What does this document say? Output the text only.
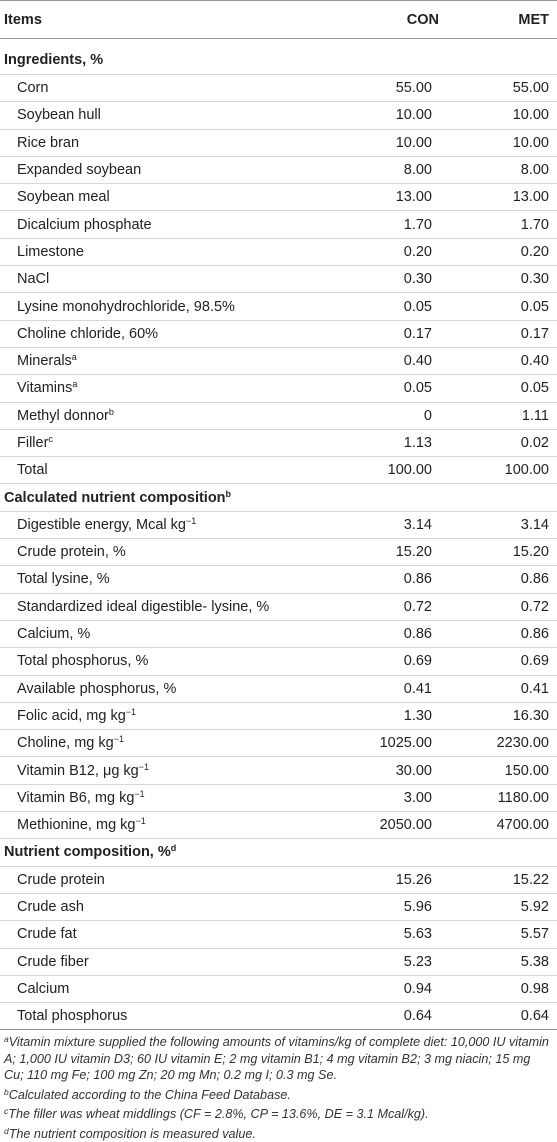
Items	CON	MET
Ingredients, %		
Corn	55.00	55.00
Soybean hull	10.00	10.00
Rice bran	10.00	10.00
Expanded soybean	8.00	8.00
Soybean meal	13.00	13.00
Dicalcium phosphate	1.70	1.70
Limestone	0.20	0.20
NaCl	0.30	0.30
Lysine monohydrochloride, 98.5%	0.05	0.05
Choline chloride, 60%	0.17	0.17
Minerals$^a$	0.40	0.40
Vitamins$^a$	0.05	0.05
Methyl donnor$^b$	0	1.11
Filler$^c$	1.13	0.02
Total	100.00	100.00
Calculated nutrient composition$^b$
Digestible energy, Mcal $kg^{-1}$	3.14	3.14
Crude protein, %	15.20	15.20
Total lysine, %	0.86	0.86
Standardized ideal digestible- lysine, %	0.72	0.72
Calcium, %	0.86	0.86
Total phosphorus, %	0.69	0.69
Available phosphorus, %	0.41	0.41
Folic acid, mg $kg^{-1}$	1.30	16.30
Choline, mg $kg^{-1}$	1025.00	2230.00
Vitamin B12, μg $kg^{-1}$	30.00	150.00
Vitamin B6, mg $kg^{-1}$	3.00	1180.00
Methionine, mg $kg^{-1}$	2050.00	4700.00
Nutrient composition, %$^d$
Crude protein	15.26	15.22
Crude ash	5.96	5.92
Crude fat	5.63	5.57
Crude fiber	5.23	5.38
Calcium	0.94	0.98
Total phosphorus	0.64	0.64

$^a$Vitamin mixture supplied the following amounts of vitamins/kg of complete diet: 10,000 IU vitamin A; 1,000 IU vitamin D3; 60 IU vitamin E; 2 mg vitamin B1; 4 mg vitamin B2; 3 mg niacin; 15 mg Cu; 110 mg Fe; 100 mg Zn; 20 mg Mn; 0.2 mg I; 0.3 mg Se.

$^b$Calculated according to the China Feed Database.

$^c$The filler was wheat middlings (CF = 2.8%, CP = 13.6%, DE = 3.1 Mcal/kg).

$^d$The nutrient composition is measured value.
